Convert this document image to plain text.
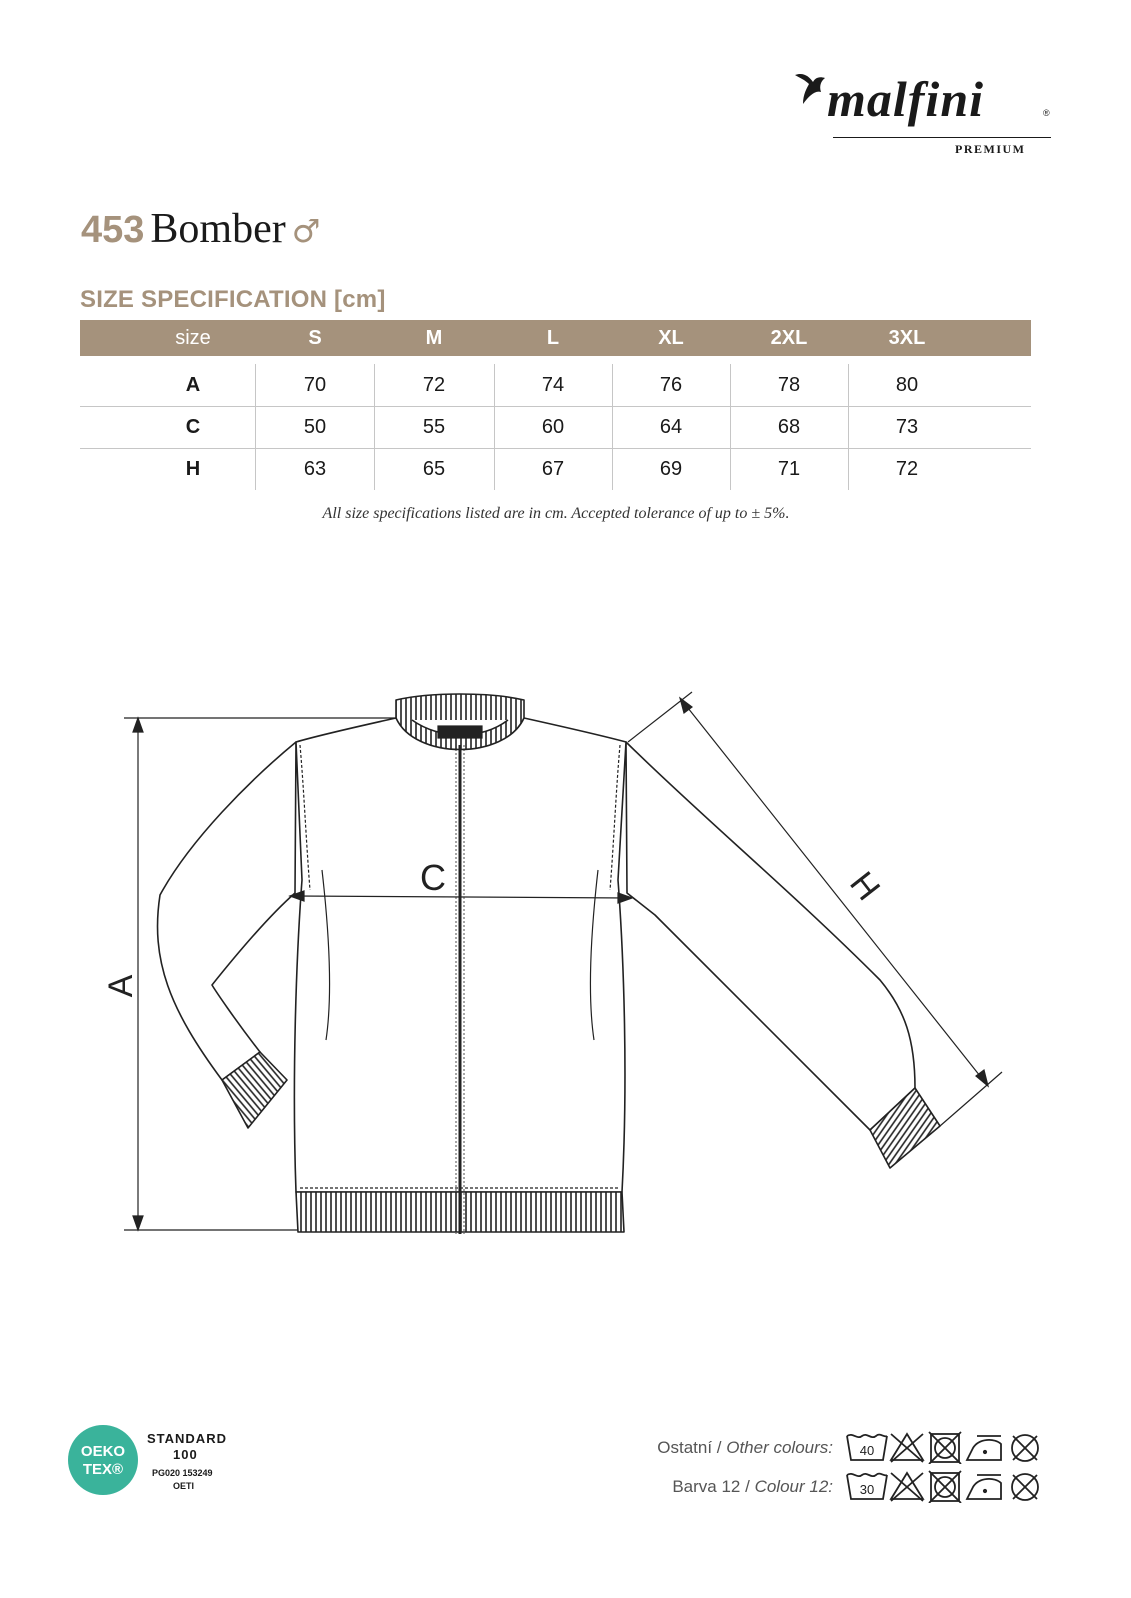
malfini	®
PREMIUM
453 Bomber ♂
SIZE SPECIFICATION [cm]
size	S	M	L	XL	2XL	3XL
A	70	72	74	76	78	80
C	50	55	60	64	68	73
H	63	65	67	69	71	72
All size specifications listed are in cm. Accepted tolerance of up to ± 5%.
A
C	H
OEKO
TEX®
STANDARD
100
PG020 153249
OETI
Ostatní / Other colours:
Barva 12 / Colour 12:
40
30
